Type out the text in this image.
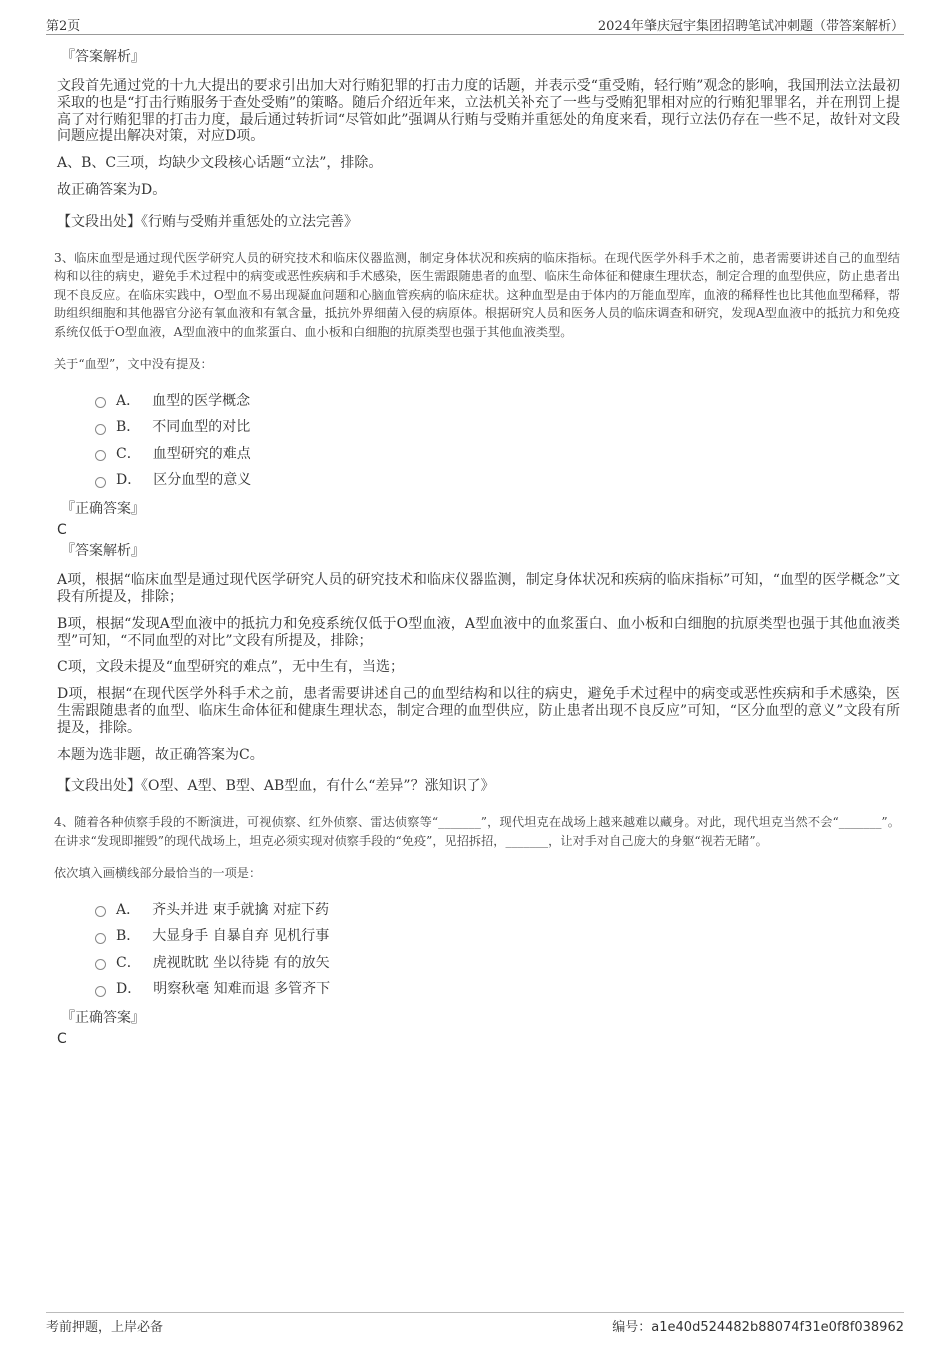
第2页	2024年肇庆冠宇集团招聘笔试冲刺题（带答案解析）
『答案解析』

文段首先通过党的十九大提出的要求引出加大对行贿犯罪的打击力度的话题，并表示受“重受贿，轻行贿”观念的影响，我国刑法立法最初采取的也是“打击行贿服务于查处受贿”的策略。随后介绍近年来，立法机关补充了一些与受贿犯罪相对应的行贿犯罪罪名，并在刑罚上提高了对行贿犯罪的打击力度，最后通过转折词“尽管如此”强调从行贿与受贿并重惩处的角度来看，现行立法仍存在一些不足，故针对文段问题应提出解决对策，对应D项。

A、B、C三项，均缺少文段核心话题“立法”，排除。

故正确答案为D。

【文段出处】《行贿与受贿并重惩处的立法完善》

3、临床血型是通过现代医学研究人员的研究技术和临床仪器监测，制定身体状况和疾病的临床指标。在现代医学外科手术之前，患者需要讲述自己的血型结构和以往的病史，避免手术过程中的病变或恶性疾病和手术感染，医生需跟随患者的血型、临床生命体征和健康生理状态，制定合理的血型供应，防止患者出现不良反应。在临床实践中，O型血不易出现凝血问题和心脑血管疾病的临床症状。这种血型是由于体内的万能血型库，血液的稀释性也比其他血型稀释，帮助组织细胞和其他器官分泌有氧血液和有氧含量，抵抗外界细菌入侵的病原体。根据研究人员和医务人员的临床调查和研究，发现A型血液中的抵抗力和免疫系统仅低于O型血液，A型血液中的血浆蛋白、血小板和白细胞的抗原类型也强于其他血液类型。

关于“血型”，文中没有提及：

A． 血型的医学概念
B． 不同血型的对比
C． 血型研究的难点
D． 区分血型的意义
『正确答案』
C
『答案解析』

A项，根据“临床血型是通过现代医学研究人员的研究技术和临床仪器监测，制定身体状况和疾病的临床指标”可知，“血型的医学概念”文段有所提及，排除；

B项，根据“发现A型血液中的抵抗力和免疫系统仅低于O型血液，A型血液中的血浆蛋白、血小板和白细胞的抗原类型也强于其他血液类型”可知，“不同血型的对比”文段有所提及，排除；

C项，文段未提及“血型研究的难点”，无中生有，当选；

D项，根据“在现代医学外科手术之前，患者需要讲述自己的血型结构和以往的病史，避免手术过程中的病变或恶性疾病和手术感染，医生需跟随患者的血型、临床生命体征和健康生理状态，制定合理的血型供应，防止患者出现不良反应”可知，“区分血型的意义”文段有所提及，排除。

本题为选非题，故正确答案为C。

【文段出处】《O型、A型、B型、AB型血，有什么“差异”？涨知识了》

4、随着各种侦察手段的不断演进，可视侦察、红外侦察、雷达侦察等“_______”，现代坦克在战场上越来越难以藏身。对此，现代坦克当然不会“_______”。在讲求“发现即摧毁”的现代战场上，坦克必须实现对侦察手段的“免疫”，见招拆招，_______，让对手对自己庞大的身躯“视若无睹”。

依次填入画横线部分最恰当的一项是：

A． 齐头并进 束手就擒 对症下药
B． 大显身手 自暴自弃 见机行事
C． 虎视眈眈 坐以待毙 有的放矢
D． 明察秋毫 知难而退 多管齐下
『正确答案』
C
考前押题，上岸必备	编号：a1e40d524482b88074f31e0f8f038962
